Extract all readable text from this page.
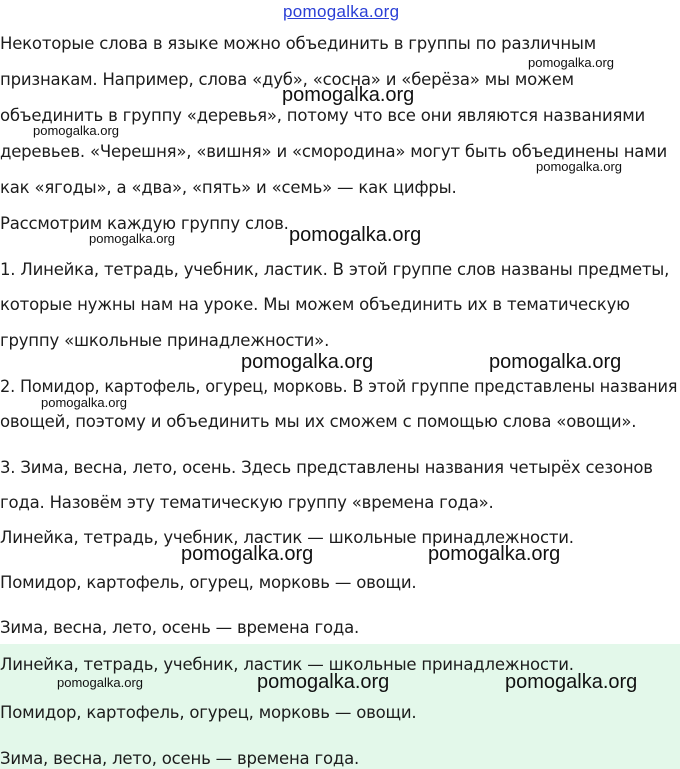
pomogalka.org
pomogalka.org
pomogalka.org
pomogalka.org
pomogalka.org
pomogalka.org	pomogalka.org
pomogalka.org	pomogalka.org
pomogalka.org
pomogalka.org	pomogalka.org
pomogalka.org	pomogalka.org	pomogalka.org
Некоторые слова в языке можно объединить в группы по различным
признакам. Например, слова «дуб», «сосна» и «берёза» мы можем
объединить в группу «деревья», потому что все они являются названиями
деревьев. «Черешня», «вишня» и «смородина» могут быть объединены нами
как «ягоды», а «два», «пять» и «семь» — как цифры.
Рассмотрим каждую группу слов.
1. Линейка, тетрадь, учебник, ластик. В этой группе слов названы предметы,
которые нужны нам на уроке. Мы можем объединить их в тематическую
группу «школьные принадлежности».
2. Помидор, картофель, огурец, морковь. В этой группе представлены названия
овощей, поэтому и объединить мы их сможем с помощью слова «овощи».
3. Зима, весна, лето, осень. Здесь представлены названия четырёх сезонов
года. Назовём эту тематическую группу «времена года».
Линейка, тетрадь, учебник, ластик — школьные принадлежности.
Помидор, картофель, огурец, морковь — овощи.
Зима, весна, лето, осень — времена года.
Линейка, тетрадь, учебник, ластик — школьные принадлежности.
Помидор, картофель, огурец, морковь — овощи.
Зима, весна, лето, осень — времена года.
